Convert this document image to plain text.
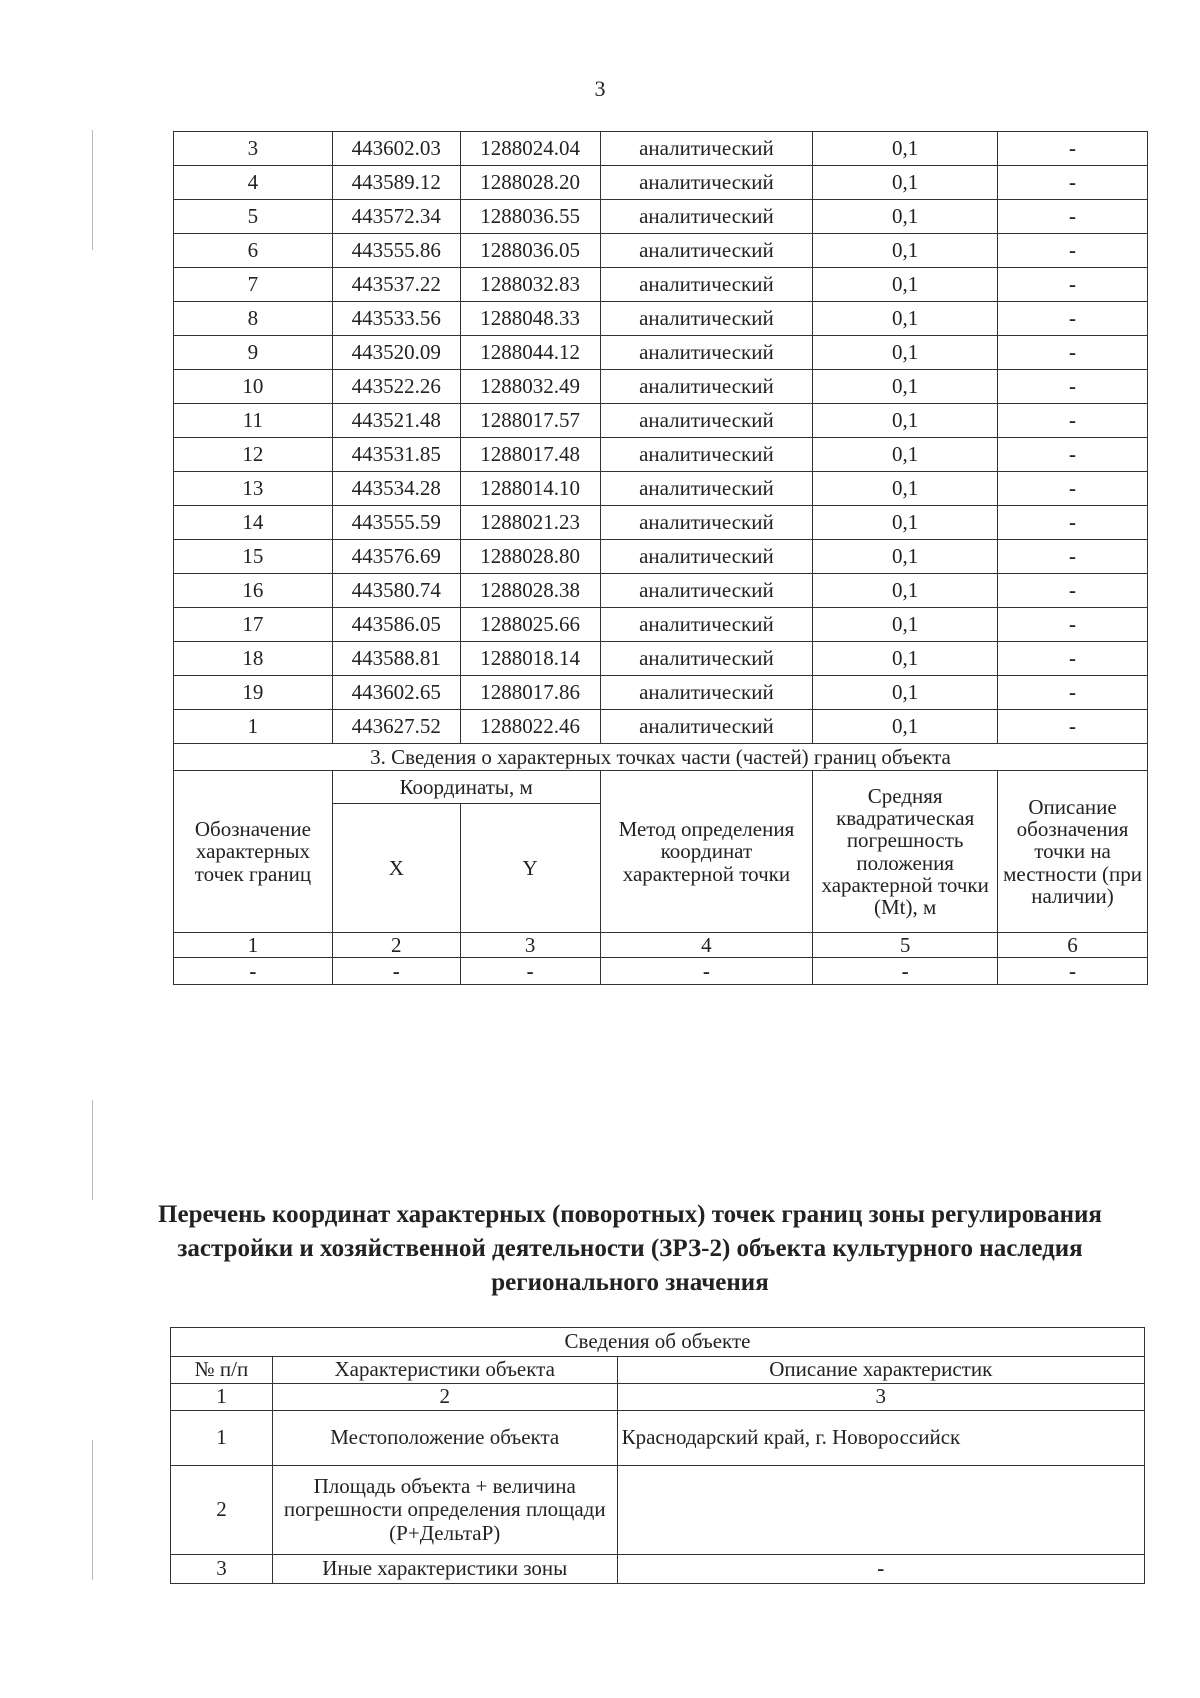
3
3	443602.03	1288024.04	аналитический	0,1	-
4	443589.12	1288028.20	аналитический	0,1	-
5	443572.34	1288036.55	аналитический	0,1	-
6	443555.86	1288036.05	аналитический	0,1	-
7	443537.22	1288032.83	аналитический	0,1	-
8	443533.56	1288048.33	аналитический	0,1	-
9	443520.09	1288044.12	аналитический	0,1	-
10	443522.26	1288032.49	аналитический	0,1	-
11	443521.48	1288017.57	аналитический	0,1	-
12	443531.85	1288017.48	аналитический	0,1	-
13	443534.28	1288014.10	аналитический	0,1	-
14	443555.59	1288021.23	аналитический	0,1	-
15	443576.69	1288028.80	аналитический	0,1	-
16	443580.74	1288028.38	аналитический	0,1	-
17	443586.05	1288025.66	аналитический	0,1	-
18	443588.81	1288018.14	аналитический	0,1	-
19	443602.65	1288017.86	аналитический	0,1	-
1	443627.52	1288022.46	аналитический	0,1	-
3. Сведения о характерных точках части (частей) границ объекта					
Обозначение характерных точек границ	Координаты, м		Метод определения координат характерной точки	Средняя квадратическая погрешность положения характерной точки (Mt), м	Описание обозначения точки на местности (при наличии)
	X	Y			
1	2	3	4	5	6
-	-	-	-	-	-
Перечень координат характерных (поворотных) точек границ зоны регулирования застройки и хозяйственной деятельности (ЗРЗ-2) объекта культурного наследия регионального значения
Сведения об объекте		
№ п/п	Характеристики объекта	Описание характеристик
1	2	3
1	Местоположение объекта	Краснодарский край, г. Новороссийск
2	Площадь объекта + величина погрешности определения площади (P+ДельтаP)	
3	Иные характеристики зоны	-
